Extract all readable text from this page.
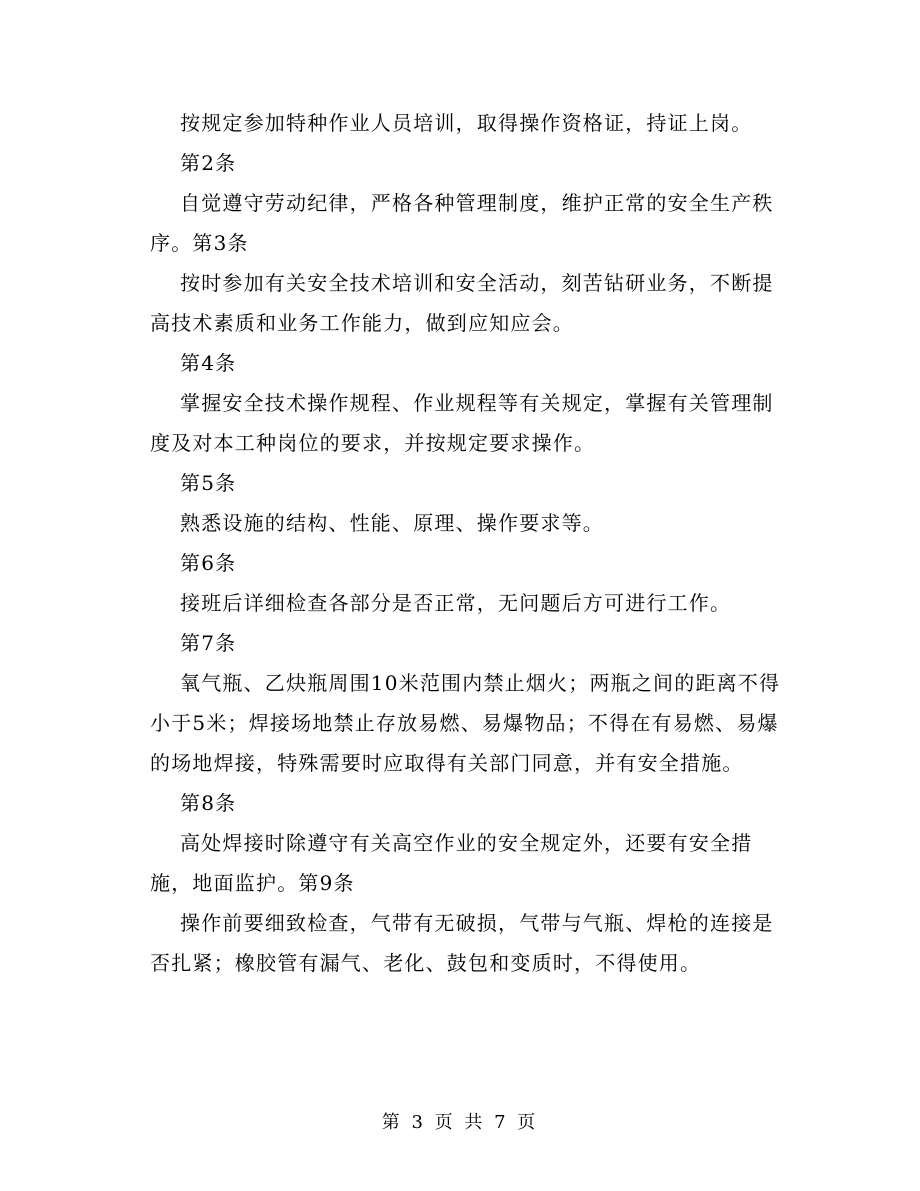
按规定参加特种作业人员培训，取得操作资格证，持证上岗。

第2条

自觉遵守劳动纪律，严格各种管理制度，维护正常的安全生产秩序。第3条

按时参加有关安全技术培训和安全活动，刻苦钻研业务，不断提高技术素质和业务工作能力，做到应知应会。

第4条

掌握安全技术操作规程、作业规程等有关规定，掌握有关管理制度及对本工种岗位的要求，并按规定要求操作。

第5条

熟悉设施的结构、性能、原理、操作要求等。

第6条

接班后详细检查各部分是否正常，无问题后方可进行工作。

第7条

氧气瓶、乙炔瓶周围10米范围内禁止烟火；两瓶之间的距离不得小于5米；焊接场地禁止存放易燃、易爆物品；不得在有易燃、易爆的场地焊接，特殊需要时应取得有关部门同意，并有安全措施。

第8条

高处焊接时除遵守有关高空作业的安全规定外，还要有安全措施，地面监护。第9条

操作前要细致检查，气带有无破损，气带与气瓶、焊枪的连接是否扎紧；橡胶管有漏气、老化、鼓包和变质时，不得使用。

第 3 页 共 7 页
